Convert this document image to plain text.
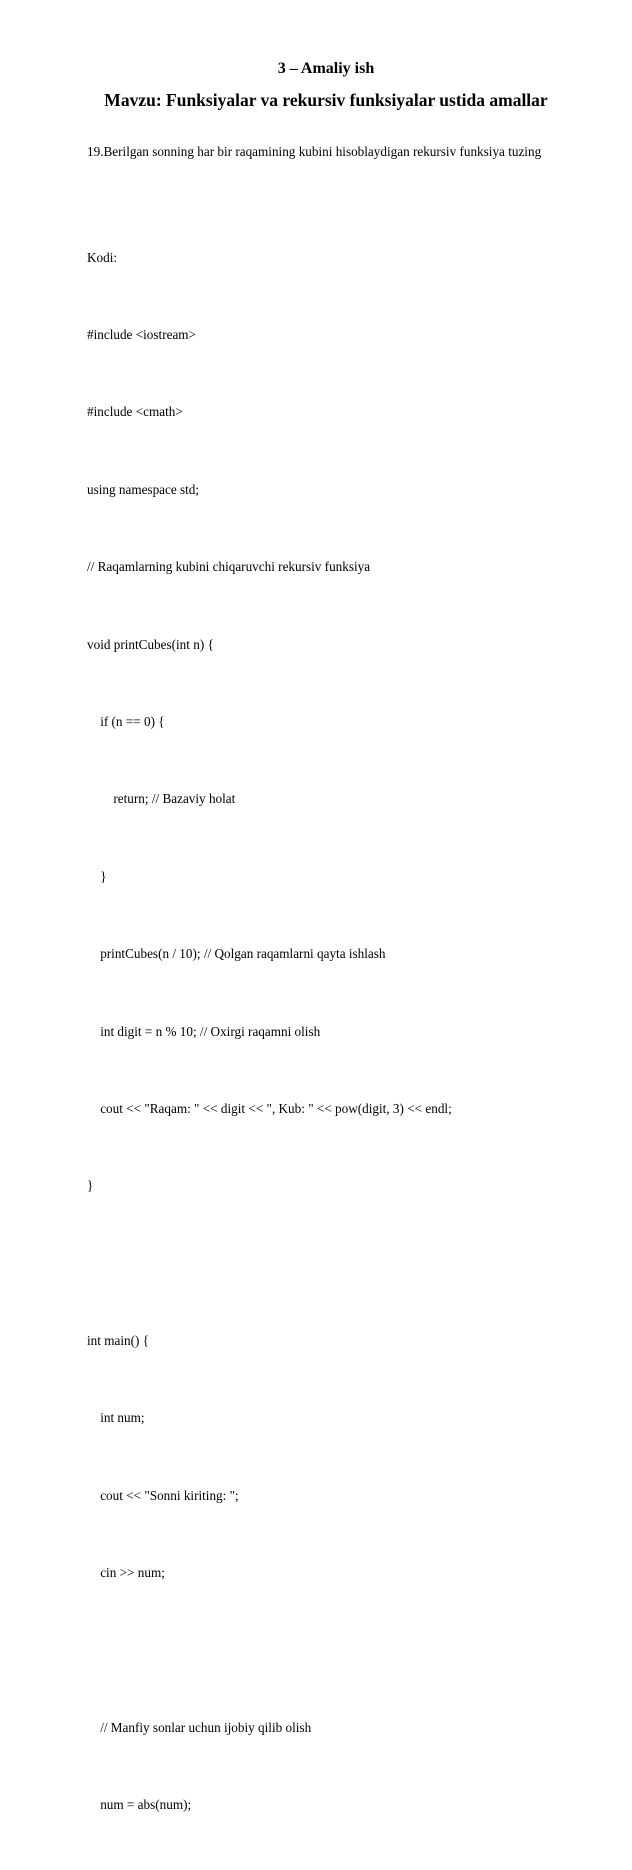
3 – Amaliy ish
Mavzu: Funksiyalar va rekursiv funksiyalar ustida amallar
19.Berilgan sonning har bir raqamining kubini hisoblaydigan rekursiv funksiya tuzing

Kodi:

#include <iostream>

#include <cmath>

using namespace std;

// Raqamlarning kubini chiqaruvchi rekursiv funksiya

void printCubes(int n) {

if (n == 0) {

return; // Bazaviy holat

}

printCubes(n / 10); // Qolgan raqamlarni qayta ishlash

int digit = n % 10; // Oxirgi raqamni olish

cout << "Raqam: " << digit << ", Kub: " << pow(digit, 3) << endl;

}

int main() {

int num;

cout << "Sonni kiriting: ";

cin >> num;

// Manfiy sonlar uchun ijobiy qilib olish

num = abs(num);
